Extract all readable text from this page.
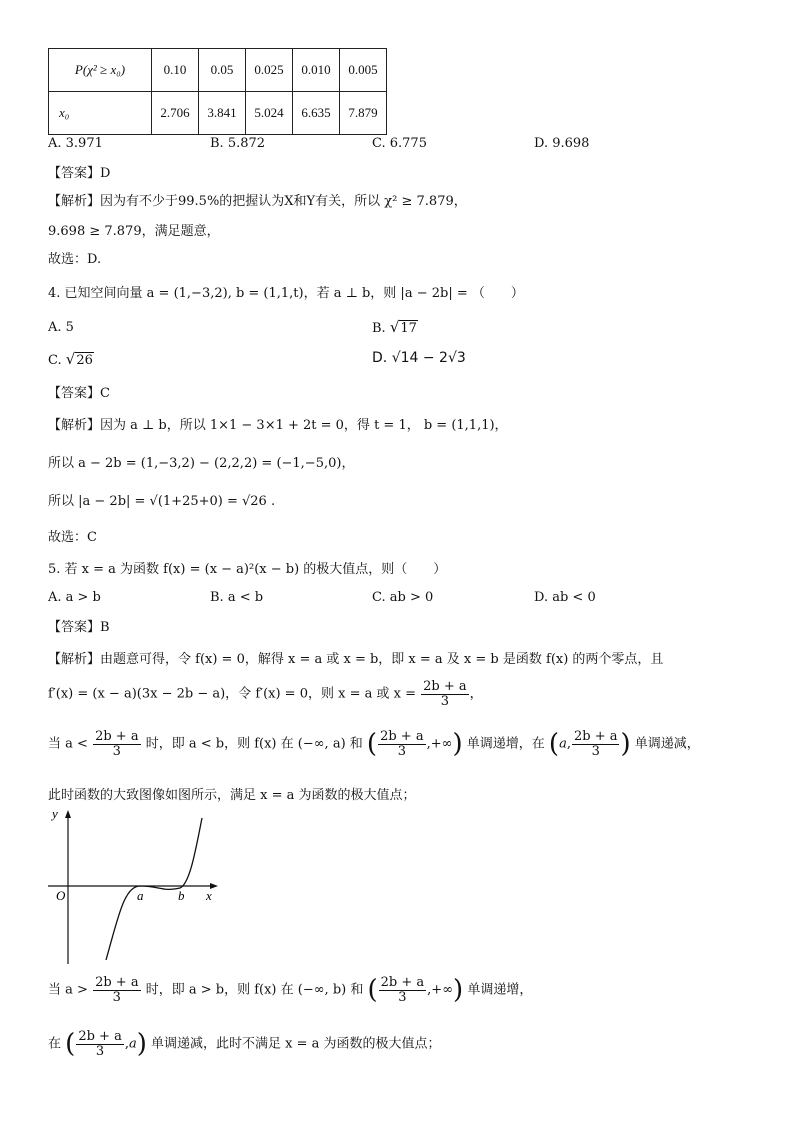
P(χ² ≥ x₀)	0.10	0.05	0.025	0.010	0.005
x₀	2.706	3.841	5.024	6.635	7.879
A. 3.971	B. 5.872	C. 6.775	D. 9.698
【答案】D
【解析】因为有不少于99.5%的把握认为X和Y有关，所以 χ² ≥ 7.879，
9.698 ≥ 7.879，满足题意，
故选：D.
4. 已知空间向量 a = (1,−3,2), b = (1,1,t)，若 a ⊥ b，则 |a − 2b| = （　　）
A. 5	B. √17
C. √26	D. √14 − 2√3
【答案】C
【解析】因为 a ⊥ b，所以 1×1 − 3×1 + 2t = 0，得 t = 1， b = (1,1,1)，
所以 a − 2b = (1,−3,2) − (2,2,2) = (−1,−5,0)，
所以 |a − 2b| = √(1+25+0) = √26 .
故选：C
5. 若 x = a 为函数 f(x) = (x − a)²(x − b) 的极大值点，则（　　）
A. a > b	B. a < b	C. ab > 0	D. ab < 0
【答案】B
【解析】由题意可得，令 f(x) = 0，解得 x = a 或 x = b，即 x = a 及 x = b 是函数 f(x) 的两个零点，且
f′(x) = (x − a)(3x − 2b − a)，令 f′(x) = 0，则 x = a 或 $x = \frac{2b + a}{3}$ ，
当 $a < \frac{2b + a}{3}$ 时，即 a < b，则 f(x) 在 (−∞, a) 和 ( $\frac{2b + a}{3}$ ,+∞) 单调递增，在 (a, $\frac{2b + a}{3}$ ) 单调递减，
此时函数的大致图像如图所示，满足 x = a 为函数的极大值点；
y
O	a	b x
当 $a > \frac{2b + a}{3}$ 时，即 a > b，则 f(x) 在 (−∞, b) 和 ( $\frac{2b + a}{3}$ ,+∞) 单调递增，
在 ( $\frac{2b + a}{3} ,a$) 单调递减，此时不满足 x = a 为函数的极大值点；
